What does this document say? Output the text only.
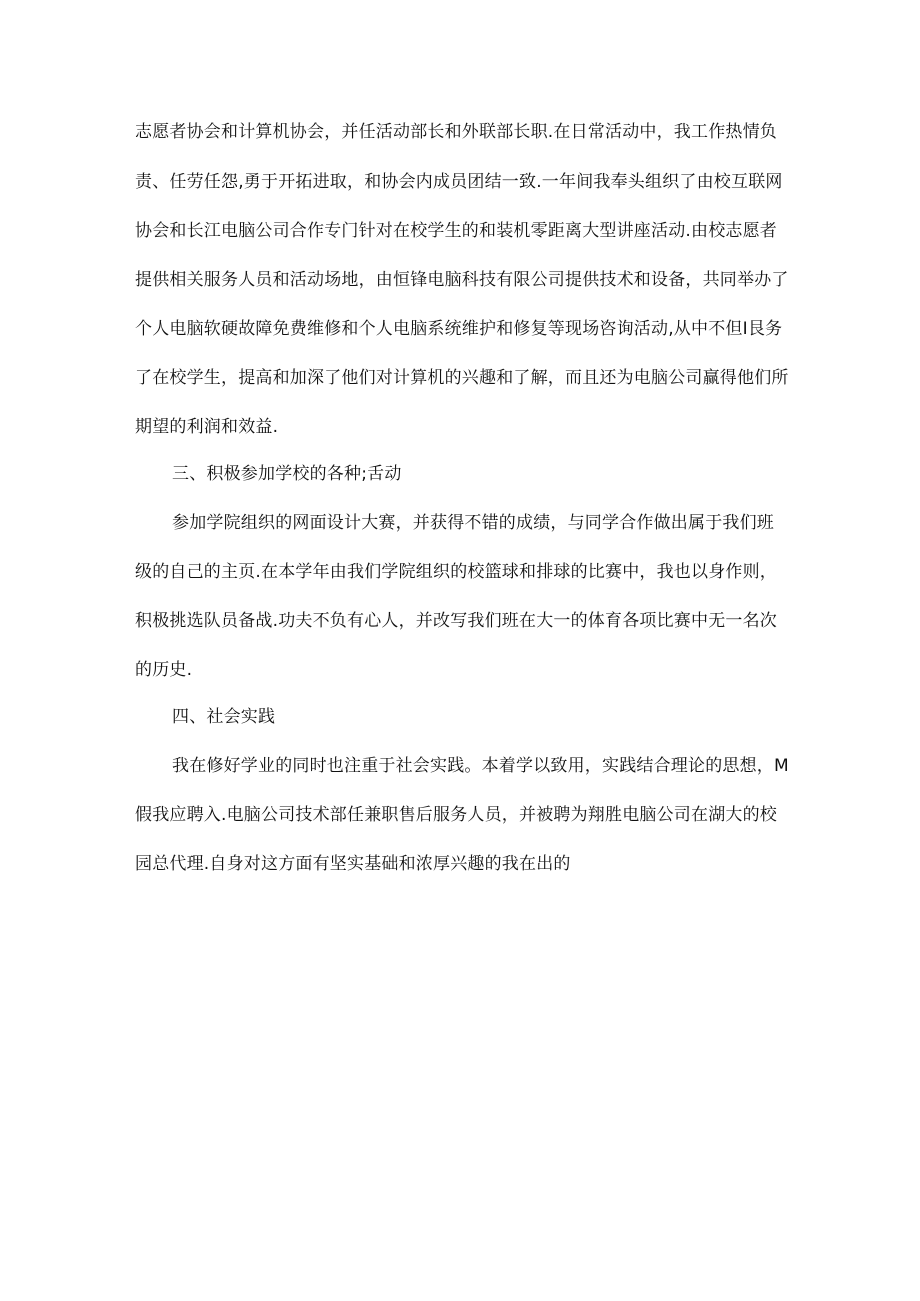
志愿者协会和计算机协会，并任活动部长和外联部长职.在日常活动中，我工作热情负
责、任劳任怨,勇于开拓进取，和协会内成员团结一致.一年间我奉头组织了由校互联网
协会和长江电脑公司合作专门针对在校学生的和装机零距离大型讲座活动.由校志愿者
提供相关服务人员和活动场地，由恒锋电脑科技有限公司提供技术和设备，共同举办了
个人电脑软硬故障免费维修和个人电脑系统维护和修复等现场咨询活动,从中不但I艮务
了在校学生，提高和加深了他们对计算机的兴趣和了解，而且还为电脑公司赢得他们所
期望的利润和效益.
三、积极参加学校的各种;舌动
参加学院组织的网面设计大赛，并获得不错的成绩，与同学合作做出属于我们班
级的自己的主页.在本学年由我们学院组织的校篮球和排球的比赛中，我也以身作则，
积极挑选队员备战.功夫不负有心人，并改写我们班在大一的体育各项比赛中无一名次
的历史.
四、社会实践
我在修好学业的同时也注重于社会实践。本着学以致用，实践结合理论的思想，M
假我应聘入.电脑公司技术部任兼职售后服务人员，并被聘为翔胜电脑公司在湖大的校
园总代理.自身对这方面有坚实基础和浓厚兴趣的我在出的
